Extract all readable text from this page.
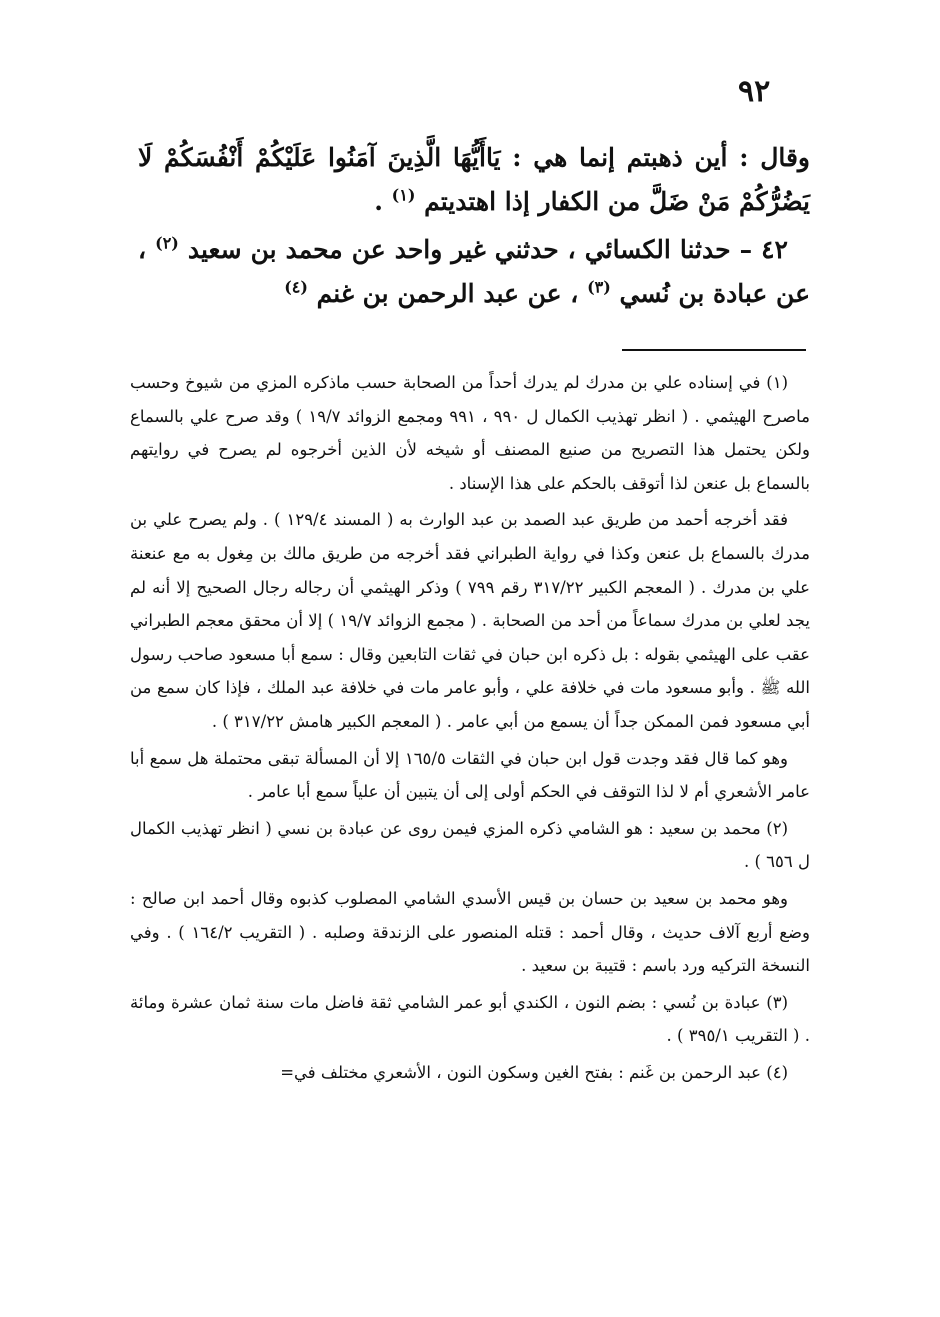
٩٢

وقال : أين ذهبتم إنما هي : يَاأَيُّهَا الَّذِينَ آمَنُوا عَلَيْكُمْ أَنْفُسَكُمْ لَا يَضُرُّكُمْ مَنْ ضَلَّ من الكفار إذا اهتديتم $^{(١)}$ .

٤٢ – حدثنا الكسائي ، حدثني غير واحد عن محمد بن سعيد $^{(٢)}$ ، عن عبادة بن نُسي $^{(٣)}$ ، عن عبد الرحمن بن غنم $^{(٤)}$

(١) في إسناده علي بن مدرك لم يدرك أحداً من الصحابة حسب ماذكره المزي من شيوخ وحسب ماصرح الهيثمي . ( انظر تهذيب الكمال ل ٩٩٠ ، ٩٩١ ومجمع الزوائد ١٩/٧ ) وقد صرح علي بالسماع ولكن يحتمل هذا التصريح من صنيع المصنف أو شيخه لأن الذين أخرجوه لم يصرح في روايتهم بالسماع بل عنعن لذا أتوقف بالحكم على هذا الإسناد .

فقد أخرجه أحمد من طريق عبد الصمد بن عبد الوارث به ( المسند ١٢٩/٤ ) . ولم يصرح علي بن مدرك بالسماع بل عنعن وكذا في رواية الطبراني فقد أخرجه من طريق مالك بن مِغول به مع عنعنة علي بن مدرك . ( المعجم الكبير ٣١٧/٢٢ رقم ٧٩٩ ) وذكر الهيثمي أن رجاله رجال الصحيح إلا أنه لم يجد لعلي بن مدرك سماعاً من أحد من الصحابة . ( مجمع الزوائد ١٩/٧ ) إلا أن محقق معجم الطبراني عقب على الهيثمي بقوله : بل ذكره ابن حبان في ثقات التابعين وقال : سمع أبا مسعود صاحب رسول الله ﷺ . وأبو مسعود مات في خلافة علي ، وأبو عامر مات في خلافة عبد الملك ، فإذا كان سمع من أبي مسعود فمن الممكن جداً أن يسمع من أبي عامر . ( المعجم الكبير هامش ٣١٧/٢٢ ) .

وهو كما قال فقد وجدت قول ابن حبان في الثقات ١٦٥/٥ إلا أن المسألة تبقى محتملة هل سمع أبا عامر الأشعري أم لا لذا التوقف في الحكم أولى إلى أن يتبين أن علياً سمع أبا عامر .

(٢) محمد بن سعيد : هو الشامي ذكره المزي فيمن روى عن عبادة بن نسي ( انظر تهذيب الكمال ل ٦٥٦ ) .

وهو محمد بن سعيد بن حسان بن قيس الأسدي الشامي المصلوب كذبوه وقال أحمد ابن صالح : وضع أربع آلاف حديث ، وقال أحمد : قتله المنصور على الزندقة وصلبه . ( التقريب ١٦٤/٢ ) . وفي النسخة التركيه ورد باسم : قتيبة بن سعيد .

(٣) عبادة بن نُسي : بضم النون ، الكندي أبو عمر الشامي ثقة فاضل مات سنة ثمان عشرة ومائة . ( التقريب ٣٩٥/١ ) .

(٤) عبد الرحمن بن غَنم : بفتح الغين وسكون النون ، الأشعري مختلف في=
